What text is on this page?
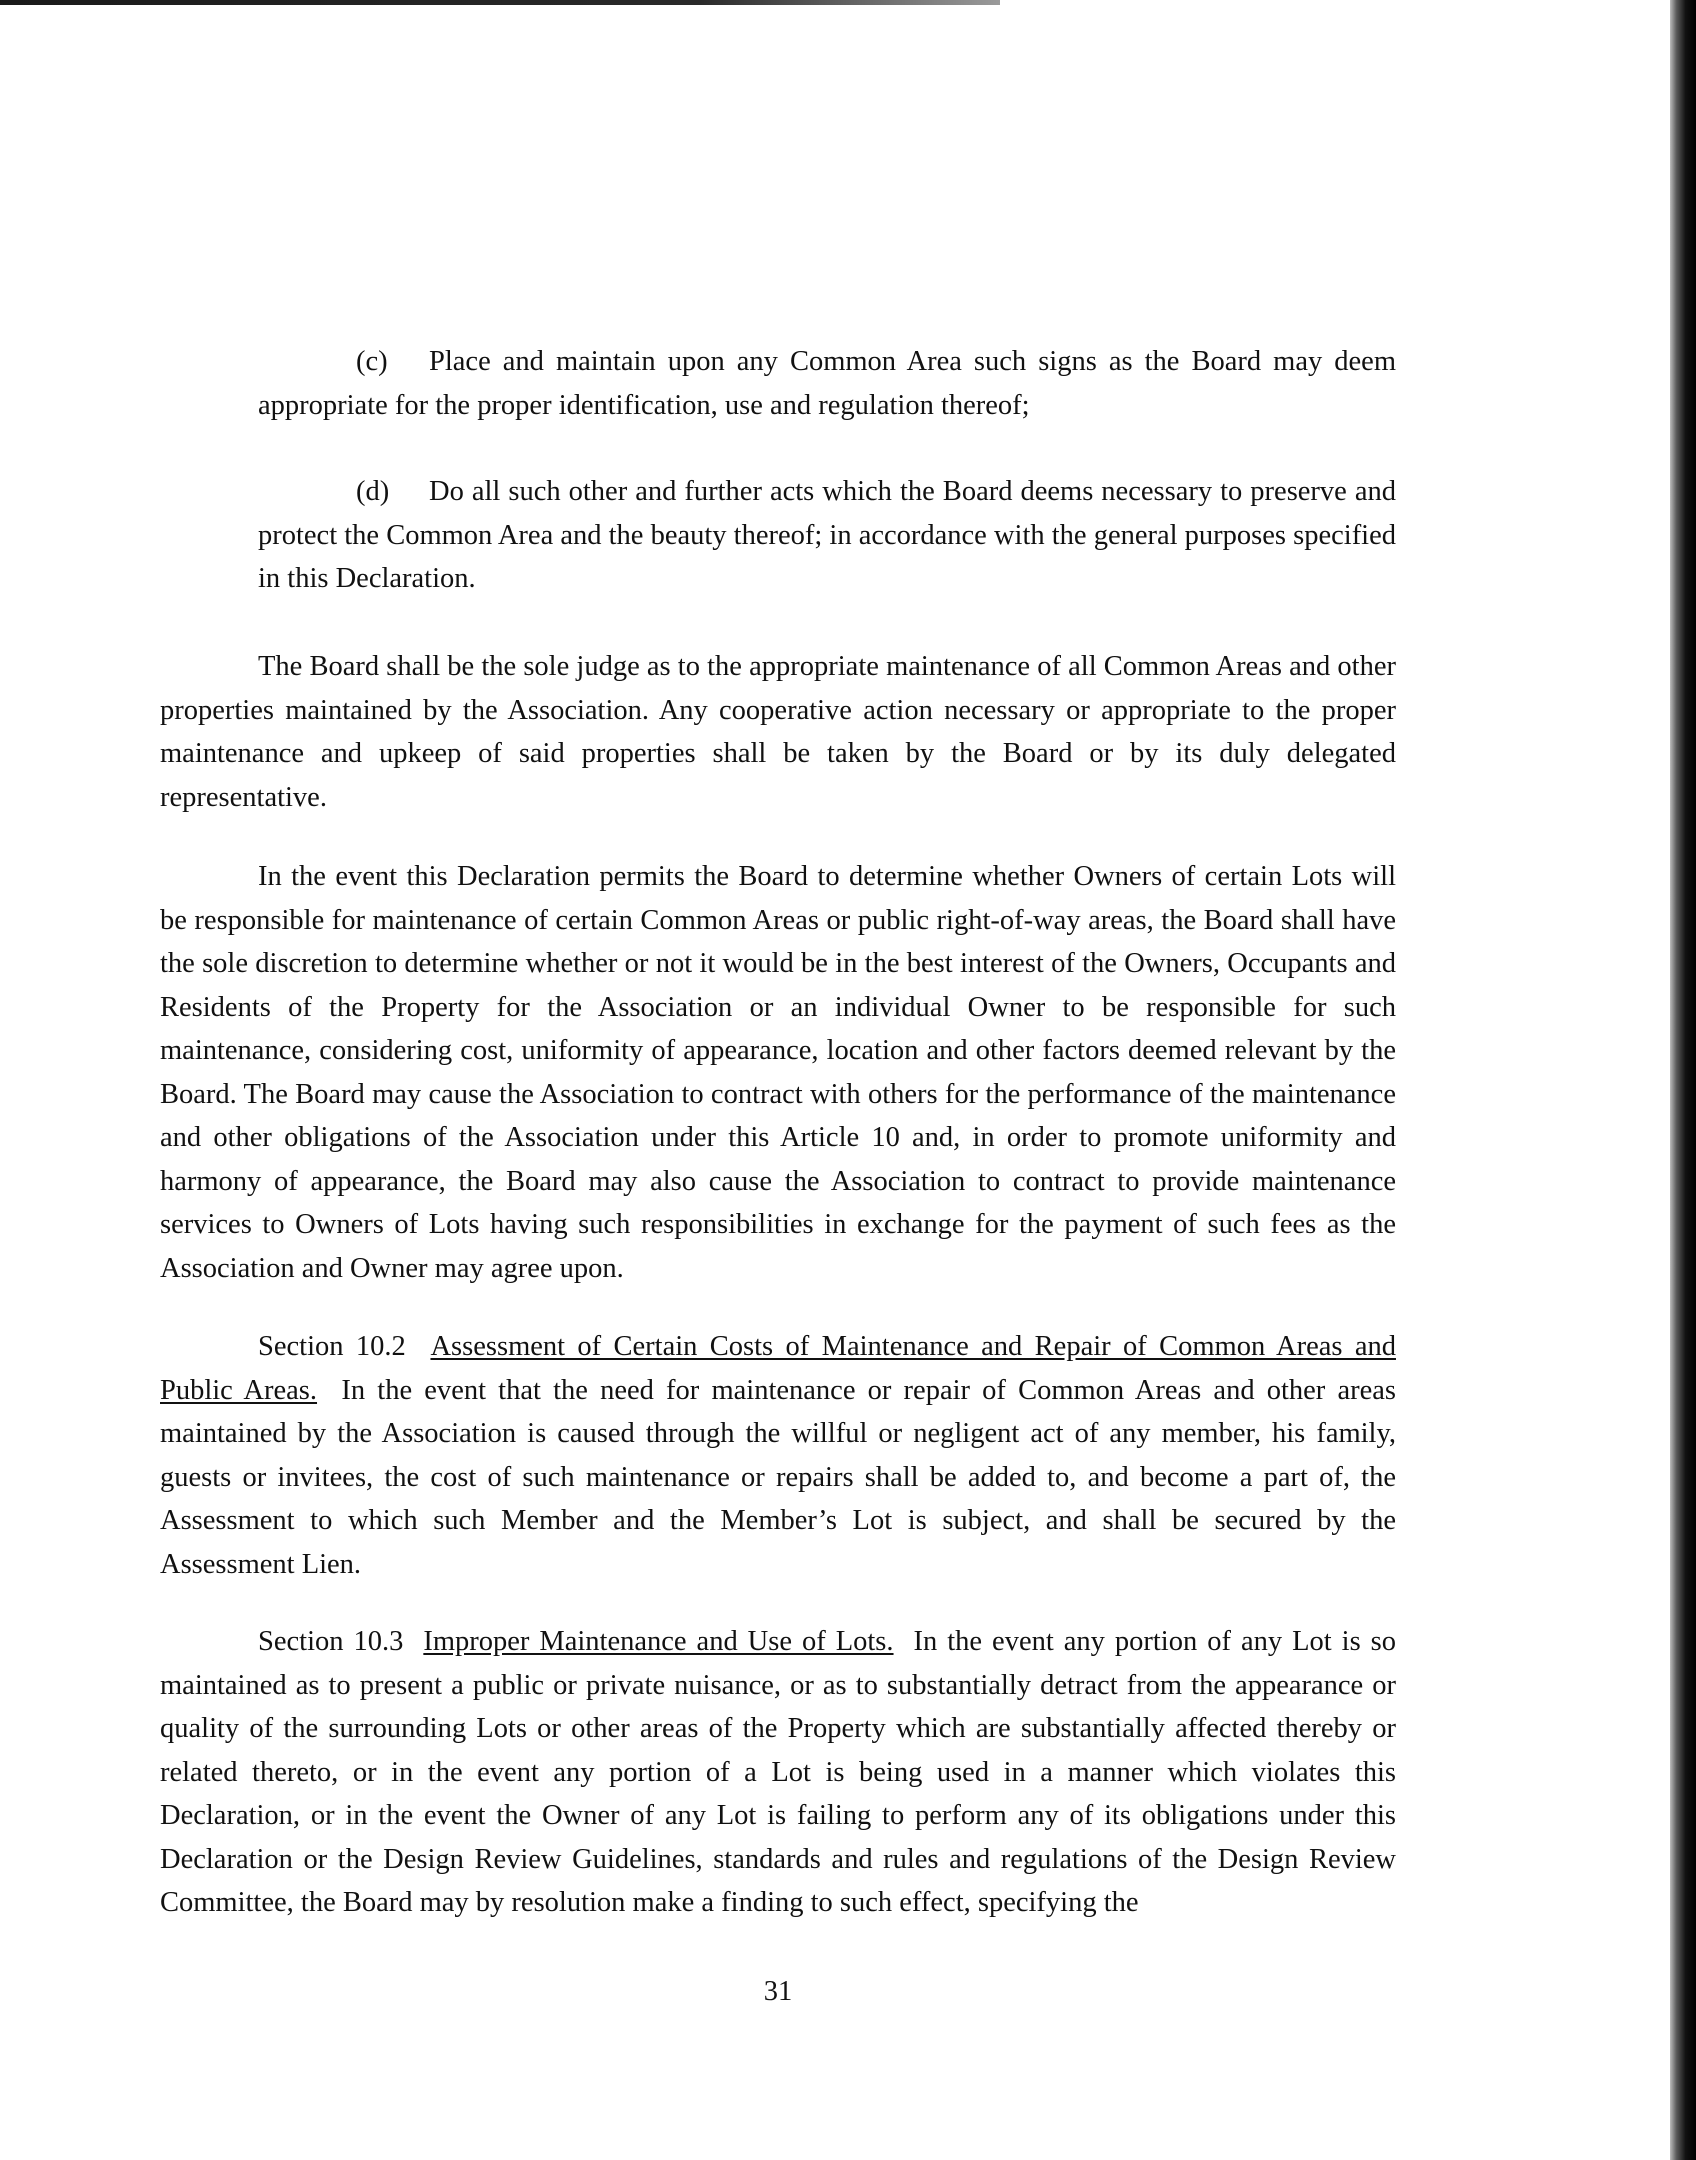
(c) Place and maintain upon any Common Area such signs as the Board may deem appropriate for the proper identification, use and regulation thereof;

(d) Do all such other and further acts which the Board deems necessary to preserve and protect the Common Area and the beauty thereof; in accordance with the general purposes specified in this Declaration.

The Board shall be the sole judge as to the appropriate maintenance of all Common Areas and other properties maintained by the Association. Any cooperative action necessary or appropriate to the proper maintenance and upkeep of said properties shall be taken by the Board or by its duly delegated representative.

In the event this Declaration permits the Board to determine whether Owners of certain Lots will be responsible for maintenance of certain Common Areas or public right-of-way areas, the Board shall have the sole discretion to determine whether or not it would be in the best interest of the Owners, Occupants and Residents of the Property for the Association or an individual Owner to be responsible for such maintenance, considering cost, uniformity of appearance, location and other factors deemed relevant by the Board. The Board may cause the Association to contract with others for the performance of the maintenance and other obligations of the Association under this Article 10 and, in order to promote uniformity and harmony of appearance, the Board may also cause the Association to contract to provide maintenance services to Owners of Lots having such responsibilities in exchange for the payment of such fees as the Association and Owner may agree upon.

Section 10.2 Assessment of Certain Costs of Maintenance and Repair of Common Areas and Public Areas. In the event that the need for maintenance or repair of Common Areas and other areas maintained by the Association is caused through the willful or negligent act of any member, his family, guests or invitees, the cost of such maintenance or repairs shall be added to, and become a part of, the Assessment to which such Member and the Member’s Lot is subject, and shall be secured by the Assessment Lien.

Section 10.3 Improper Maintenance and Use of Lots. In the event any portion of any Lot is so maintained as to present a public or private nuisance, or as to substantially detract from the appearance or quality of the surrounding Lots or other areas of the Property which are substantially affected thereby or related thereto, or in the event any portion of a Lot is being used in a manner which violates this Declaration, or in the event the Owner of any Lot is failing to perform any of its obligations under this Declaration or the Design Review Guidelines, standards and rules and regulations of the Design Review Committee, the Board may by resolution make a finding to such effect, specifying the

31
